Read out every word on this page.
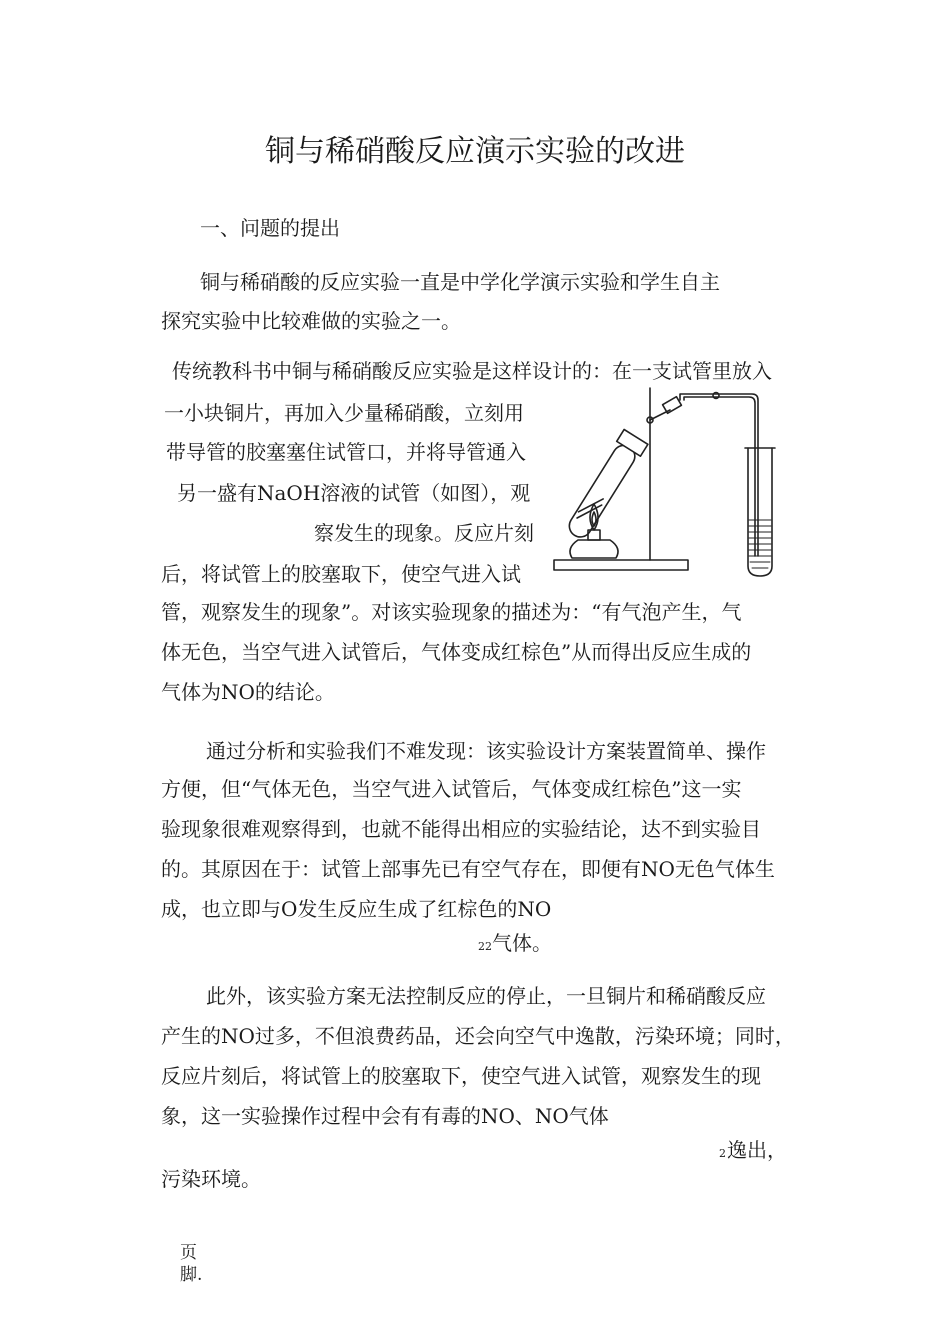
铜与稀硝酸反应演示实验的改进
一、问题的提出
铜与稀硝酸的反应实验一直是中学化学演示实验和学生自主
探究实验中比较难做的实验之一。
传统教科书中铜与稀硝酸反应实验是这样设计的：在一支试管里放入
一小块铜片，再加入少量稀硝酸，立刻用
带导管的胶塞塞住试管口，并将导管通入
另一盛有NaOH溶液的试管（如图），观
察发生的现象。反应片刻
后，将试管上的胶塞取下，使空气进入试
管，观察发生的现象”。对该实验现象的描述为：“有气泡产生，气
体无色，当空气进入试管后，气体变成红棕色”从而得出反应生成的
气体为NO的结论。
通过分析和实验我们不难发现：该实验设计方案装置简单、操作
方便，但“气体无色，当空气进入试管后，气体变成红棕色”这一实
验现象很难观察得到，也就不能得出相应的实验结论，达不到实验目
的。其原因在于：试管上部事先已有空气存在，即便有NO无色气体生
成，也立即与O发生反应生成了红棕色的NO
22 气体。
此外，该实验方案无法控制反应的停止，一旦铜片和稀硝酸反应
产生的NO过多，不但浪费药品，还会向空气中逸散，污染环境；同时，
反应片刻后，将试管上的胶塞取下，使空气进入试管，观察发生的现
象，这一实验操作过程中会有有毒的NO、NO气体
2 逸出，
污染环境。
页
脚.
